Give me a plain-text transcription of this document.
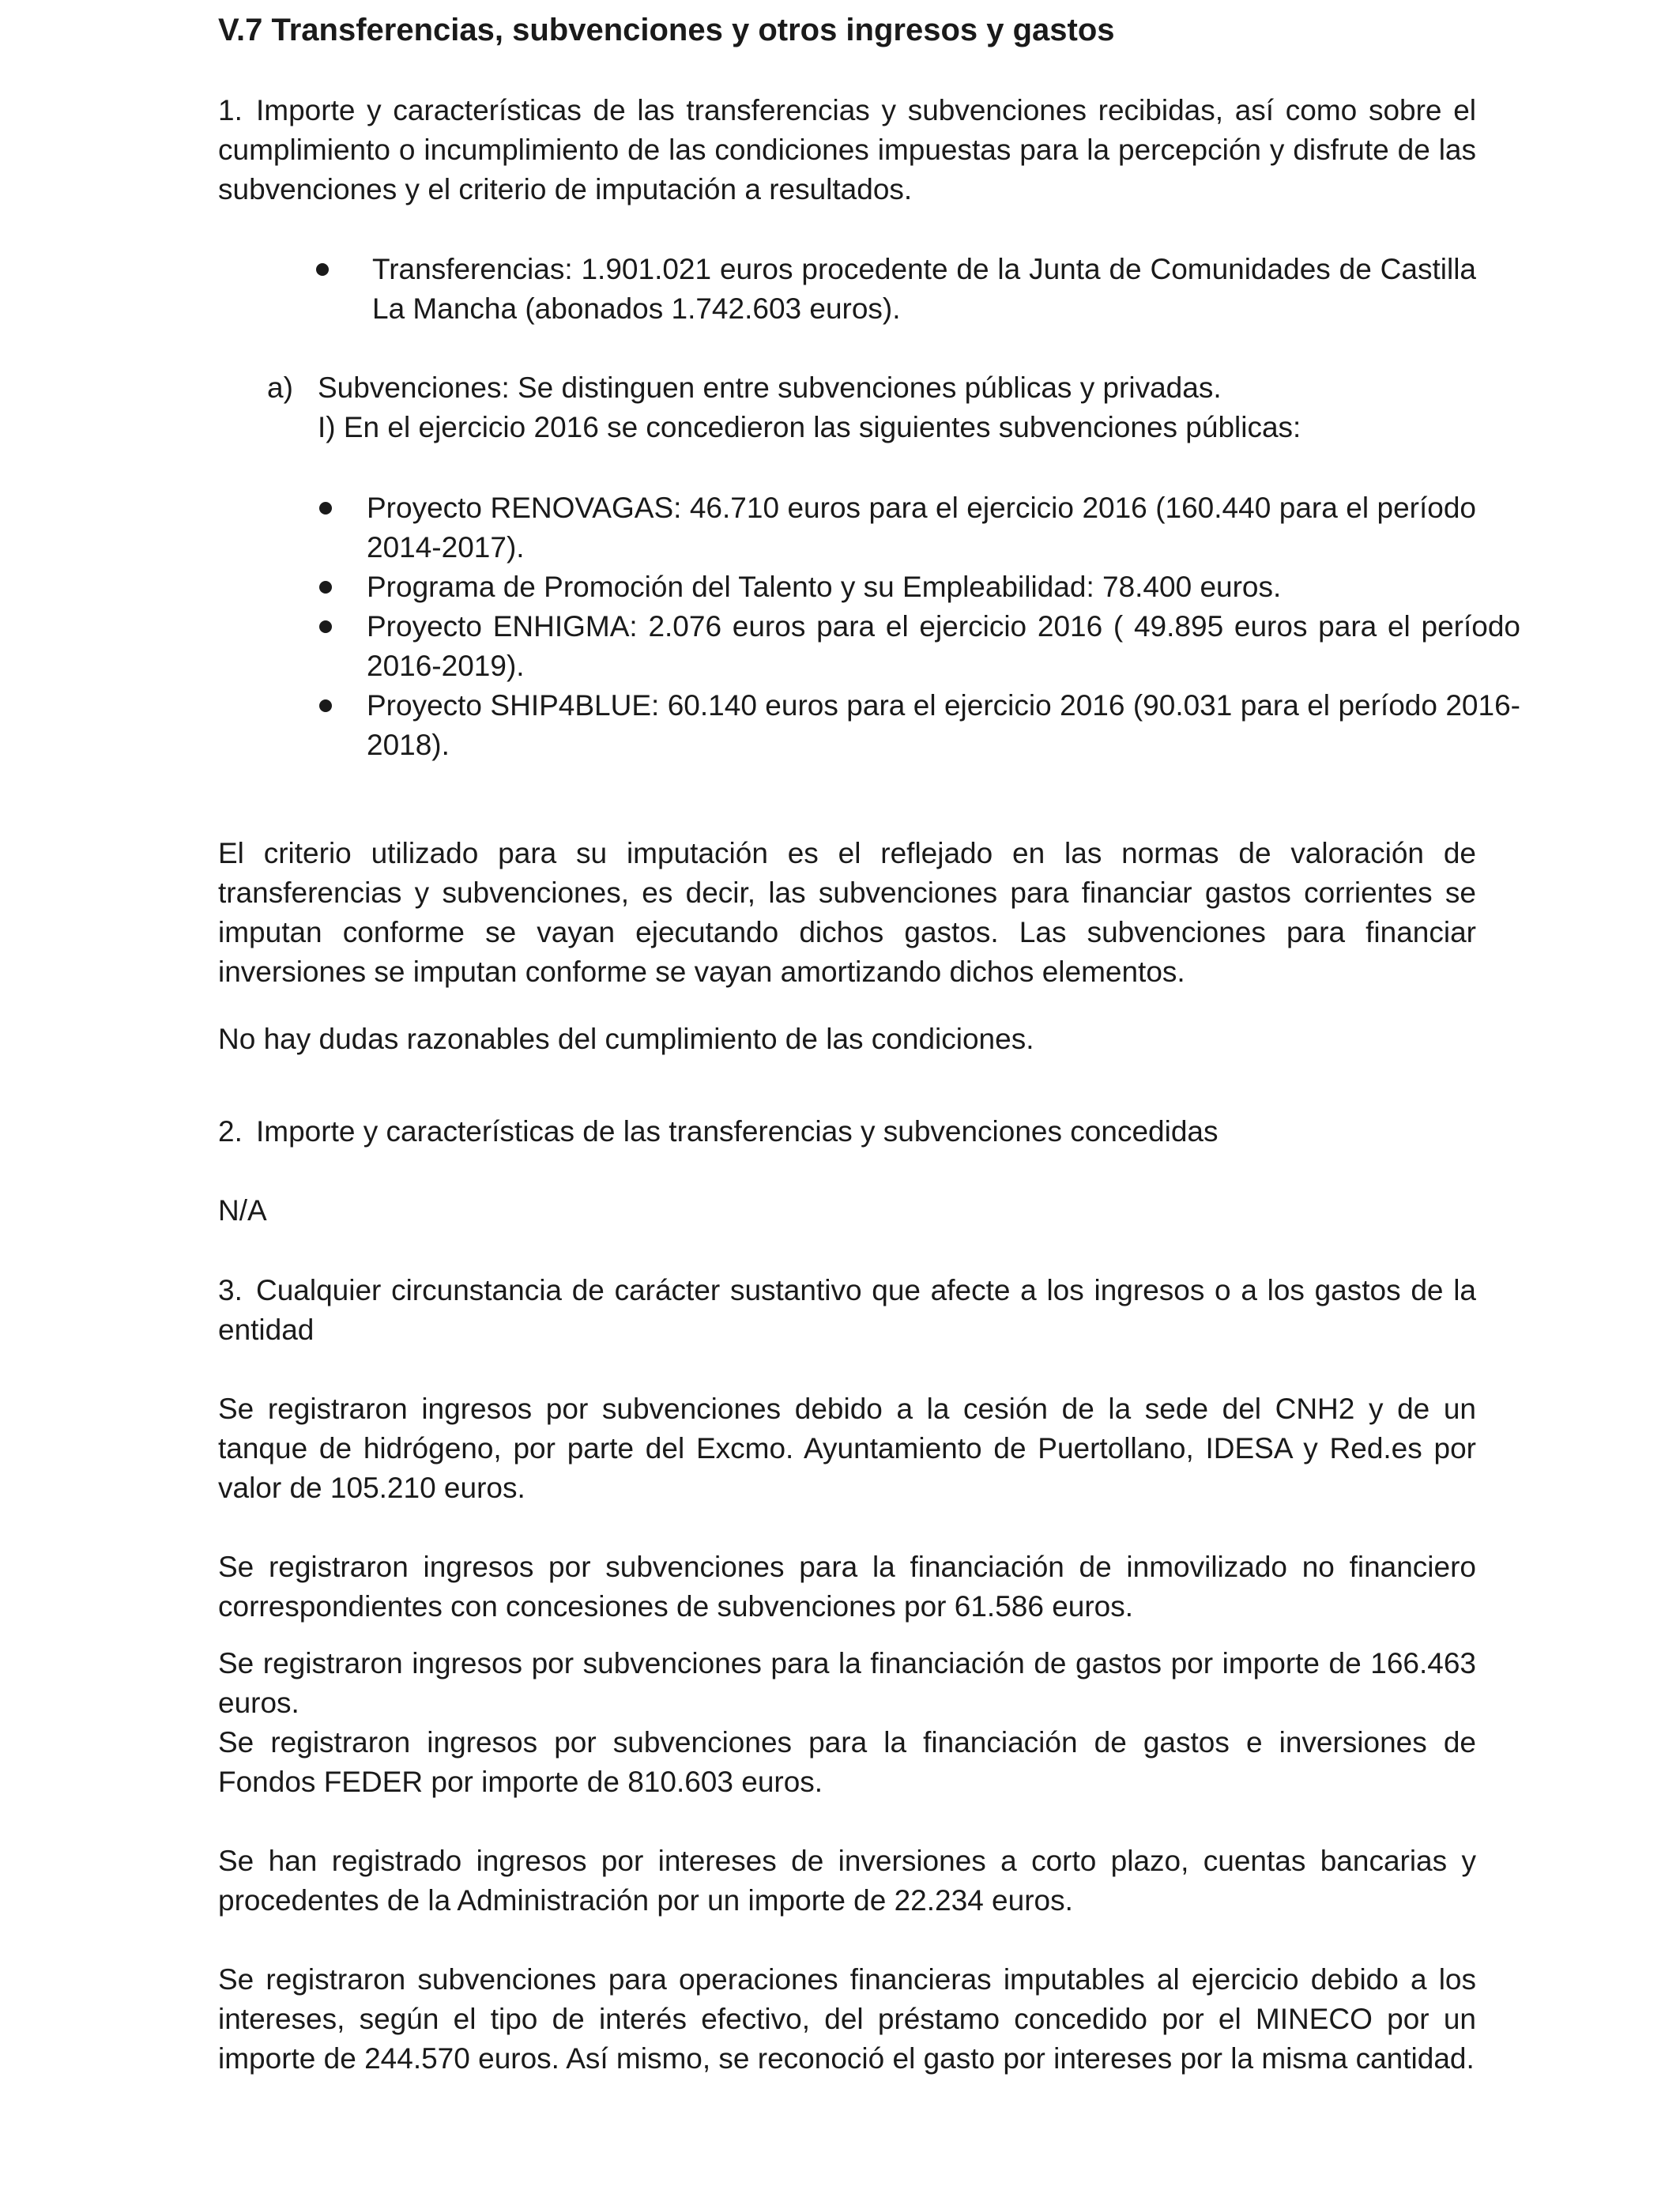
V.7 Transferencias, subvenciones y otros ingresos y gastos

1. Importe y características de las transferencias y subvenciones recibidas, así como sobre el cumplimiento o incumplimiento de las condiciones impuestas para la percepción y disfrute de las subvenciones y el criterio de imputación a resultados.

Transferencias: 1.901.021 euros procedente de la Junta de Comunidades de Castilla La Mancha (abonados 1.742.603 euros).
a) Subvenciones: Se distinguen entre subvenciones públicas y privadas.

I) En el ejercicio 2016 se concedieron las siguientes subvenciones públicas:

Proyecto RENOVAGAS: 46.710 euros para el ejercicio 2016 (160.440 para el período 2014-2017).
Programa de Promoción del Talento y su Empleabilidad: 78.400 euros.
Proyecto ENHIGMA: 2.076 euros para el ejercicio 2016 ( 49.895 euros para el período 2016-2019).
Proyecto SHIP4BLUE: 60.140 euros para el ejercicio 2016 (90.031 para el período 2016-2018).

El criterio utilizado para su imputación es el reflejado en las normas de valoración de transferencias y subvenciones, es decir, las subvenciones para financiar gastos corrientes se imputan conforme se vayan ejecutando dichos gastos. Las subvenciones para financiar inversiones se imputan conforme se vayan amortizando dichos elementos.

No hay dudas razonables del cumplimiento de las condiciones.

2. Importe y características de las transferencias y subvenciones concedidas

N/A

3. Cualquier circunstancia de carácter sustantivo que afecte a los ingresos o a los gastos de la entidad

Se registraron ingresos por subvenciones debido a la cesión de la sede del CNH2 y de un tanque de hidrógeno, por parte del Excmo. Ayuntamiento de Puertollano, IDESA y Red.es por valor de 105.210 euros.

Se registraron ingresos por subvenciones para la financiación de inmovilizado no financiero correspondientes con concesiones de subvenciones por 61.586 euros.

Se registraron ingresos por subvenciones para la financiación de gastos por importe de 166.463 euros.

Se registraron ingresos por subvenciones para la financiación de gastos e inversiones de Fondos FEDER por importe de 810.603 euros.

Se han registrado ingresos por intereses de inversiones a corto plazo, cuentas bancarias y procedentes de la Administración por un importe de 22.234 euros.

Se registraron subvenciones para operaciones financieras imputables al ejercicio debido a los intereses, según el tipo de interés efectivo, del préstamo concedido por el MINECO por un importe de 244.570 euros. Así mismo, se reconoció el gasto por intereses por la misma cantidad.
